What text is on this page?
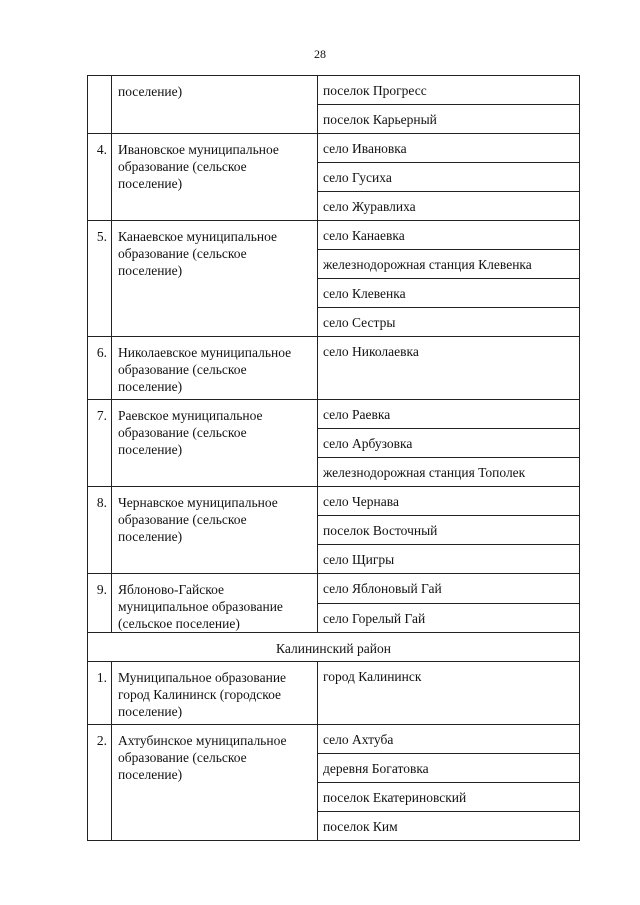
28
	поселение)	поселок Прогресс
		поселок Карьерный
4.	Ивановское муниципальное образование (сельское поселение)	село Ивановка
		село Гусиха
		село Журавлиха
5.	Канаевское муниципальное образование (сельское поселение)	село Канаевка
		железнодорожная станция Клевенка
		село Клевенка
		село Сестры
6.	Николаевское муниципальное образование (сельское поселение)	село Николаевка
7.	Раевское муниципальное образование (сельское поселение)	село Раевка
		село Арбузовка
		железнодорожная станция Тополек
8.	Чернавское муниципальное образование (сельское поселение)	село Чернава
		поселок Восточный
		село Щигры
9.	Яблоново-Гайское муниципальное образование (сельское поселение)	село Яблоновый Гай
		село Горелый Гай
Калининский район		
1.	Муниципальное образование город Калининск (городское поселение)	город Калининск
2.	Ахтубинское муниципальное образование (сельское поселение)	село Ахтуба
		деревня Богатовка
		поселок Екатериновский
		поселок Ким
